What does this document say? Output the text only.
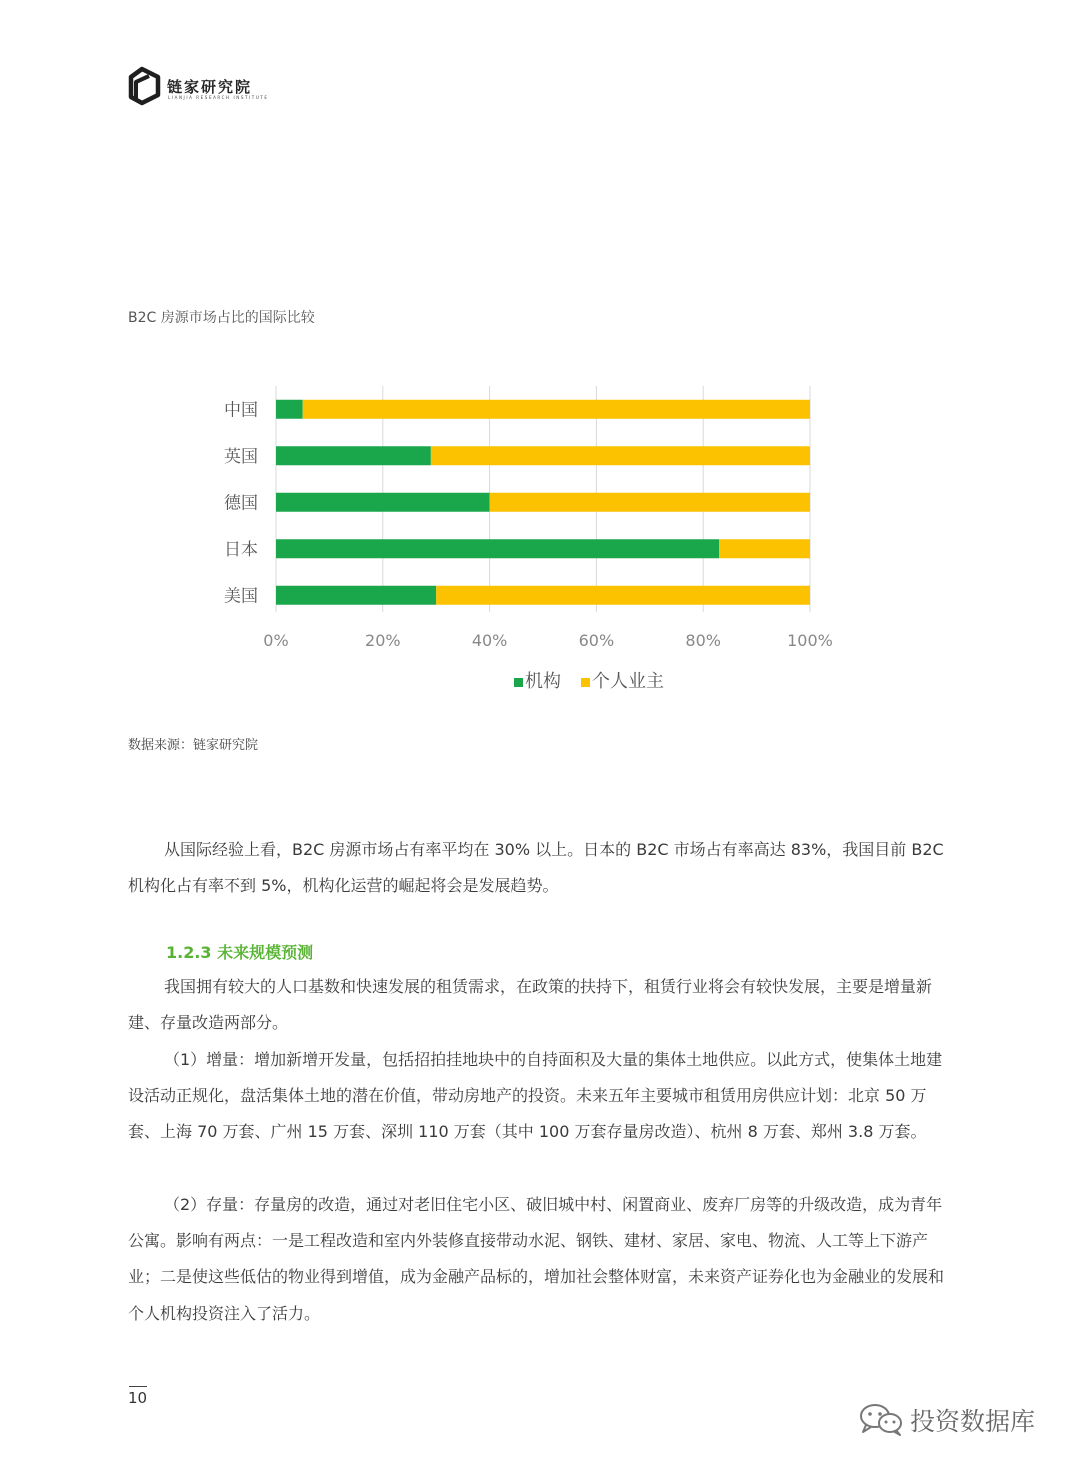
链家研究院
LIANJIA RESEARCH INSTITUTE
B2C 房源市场占比的国际比较
中国
英国
德国
日本
美国
0%	20%	40%	60%	80%	100%
机构 个人业主
数据来源：链家研究院
从国际经验上看，B2C 房源市场占有率平均在 30% 以上。日本的 B2C 市场占有率高达 83%，我国目前 B2C 机构化占有率不到 5%，机构化运营的崛起将会是发展趋势。
1.2.3 未来规模预测
我国拥有较大的人口基数和快速发展的租赁需求，在政策的扶持下，租赁行业将会有较快发展，主要是增量新建、存量改造两部分。
（1）增量：增加新增开发量，包括招拍挂地块中的自持面积及大量的集体土地供应。以此方式，使集体土地建设活动正规化，盘活集体土地的潜在价值，带动房地产的投资。未来五年主要城市租赁用房供应计划：北京 50 万套、上海 70 万套、广州 15 万套、深圳 110 万套（其中 100 万套存量房改造）、杭州 8 万套、郑州 3.8 万套。
（2）存量：存量房的改造，通过对老旧住宅小区、破旧城中村、闲置商业、废弃厂房等的升级改造，成为青年公寓。影响有两点：一是工程改造和室内外装修直接带动水泥、钢铁、建材、家居、家电、物流、人工等上下游产业；二是使这些低估的物业得到增值，成为金融产品标的，增加社会整体财富，未来资产证券化也为金融业的发展和个人机构投资注入了活力。
10
投资数据库
